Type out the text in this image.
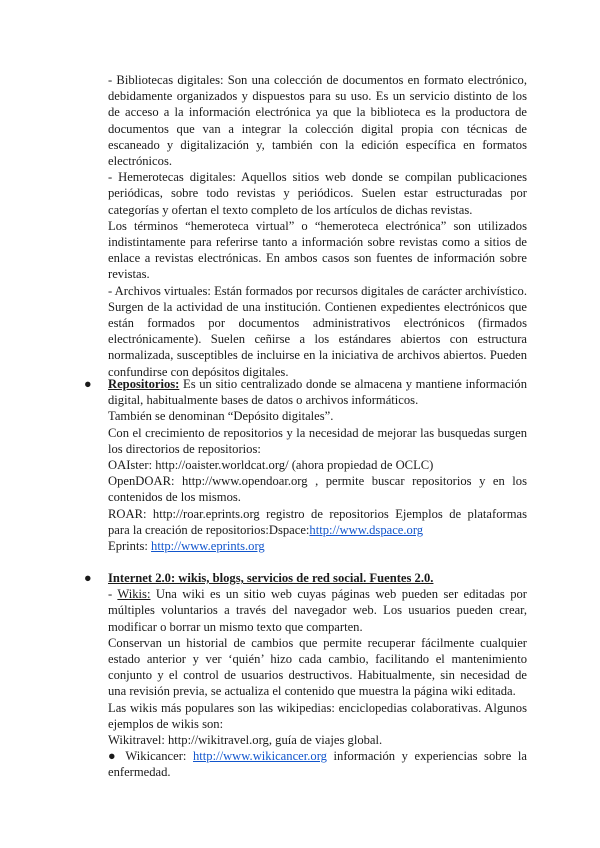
- Bibliotecas digitales: Son una colección de documentos en formato electrónico, debidamente organizados y dispuestos para su uso. Es un servicio distinto de los de acceso a la información electrónica ya que la biblioteca es la productora de documentos que van a integrar la colección digital propia con técnicas de escaneado y digitalización y, también con la edición específica en formatos electrónicos.

- Hemerotecas digitales: Aquellos sitios web donde se compilan publicaciones periódicas, sobre todo revistas y periódicos. Suelen estar estructuradas por categorías y ofertan el texto completo de los artículos de dichas revistas.

Los términos “hemeroteca virtual” o “hemeroteca electrónica” son utilizados indistintamente para referirse tanto a información sobre revistas como a sitios de enlace a revistas electrónicas. En ambos casos son fuentes de información sobre revistas.

- Archivos virtuales: Están formados por recursos digitales de carácter archivístico. Surgen de la actividad de una institución. Contienen expedientes electrónicos que están formados por documentos administrativos electrónicos (firmados electrónicamente). Suelen ceñirse a los estándares abiertos con estructura normalizada, susceptibles de incluirse en la iniciativa de archivos abiertos. Pueden confundirse con depósitos digitales.

● Repositorios: Es un sitio centralizado donde se almacena y mantiene información digital, habitualmente bases de datos o archivos informáticos.

También se denominan “Depósito digitales”.

Con el crecimiento de repositorios y la necesidad de mejorar las busquedas surgen los directorios de repositorios:

OAIster: http://oaister.worldcat.org/ (ahora propiedad de OCLC)

OpenDOAR: http://www.opendoar.org , permite buscar repositorios y en los contenidos de los mismos.

ROAR: http://roar.eprints.org registro de repositorios Ejemplos de plataformas para la creación de repositorios:Dspace:http://www.dspace.org

Eprints: http://www.eprints.org

● Internet 2.0: wikis, blogs, servicios de red social. Fuentes 2.0.

- Wikis: Una wiki es un sitio web cuyas páginas web pueden ser editadas por múltiples voluntarios a través del navegador web. Los usuarios pueden crear, modificar o borrar un mismo texto que comparten.

Conservan un historial de cambios que permite recuperar fácilmente cualquier estado anterior y ver ‘quién’ hizo cada cambio, facilitando el mantenimiento conjunto y el control de usuarios destructivos. Habitualmente, sin necesidad de una revisión previa, se actualiza el contenido que muestra la página wiki editada.

Las wikis más populares son las wikipedias: enciclopedias colaborativas. Algunos ejemplos de wikis son:

Wikitravel: http://wikitravel.org, guía de viajes global.

● Wikicancer: http://www.wikicancer.org información y experiencias sobre la enfermedad.
